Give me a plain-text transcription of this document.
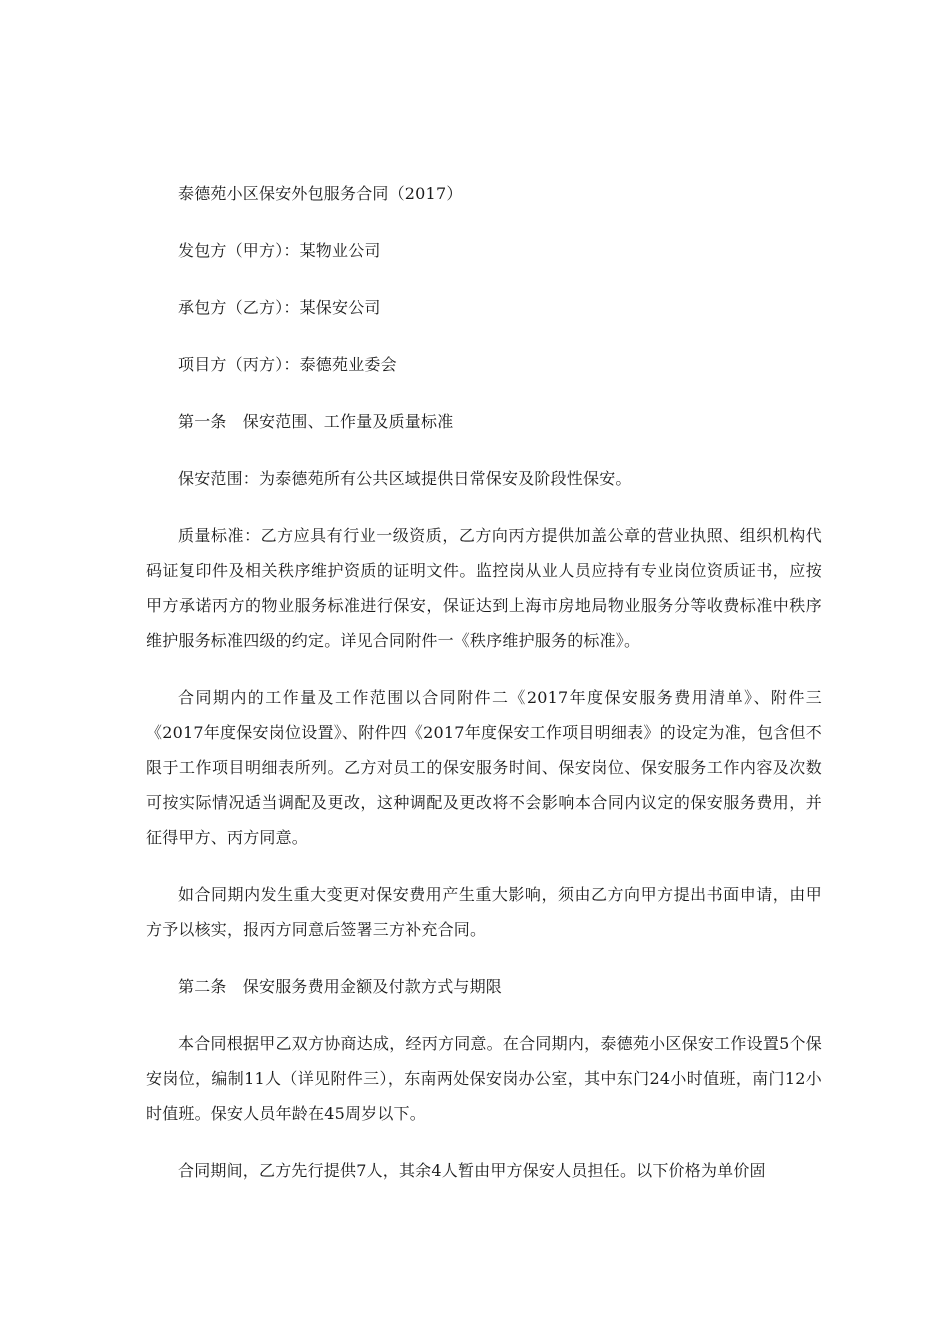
泰德苑小区保安外包服务合同（2017）

发包方（甲方）：某物业公司

承包方（乙方）：某保安公司

项目方（丙方）：泰德苑业委会

第一条　保安范围、工作量及质量标准

保安范围：为泰德苑所有公共区域提供日常保安及阶段性保安。

质量标准：乙方应具有行业一级资质，乙方向丙方提供加盖公章的营业执照、组织机构代码证复印件及相关秩序维护资质的证明文件。监控岗从业人员应持有专业岗位资质证书，应按甲方承诺丙方的物业服务标准进行保安，保证达到上海市房地局物业服务分等收费标准中秩序维护服务标准四级的约定。详见合同附件一《秩序维护服务的标准》。

合同期内的工作量及工作范围以合同附件二《2017年度保安服务费用清单》、附件三《2017年度保安岗位设置》、附件四《2017年度保安工作项目明细表》的设定为准，包含但不限于工作项目明细表所列。乙方对员工的保安服务时间、保安岗位、保安服务工作内容及次数可按实际情况适当调配及更改，这种调配及更改将不会影响本合同内议定的保安服务费用，并征得甲方、丙方同意。

如合同期内发生重大变更对保安费用产生重大影响，须由乙方向甲方提出书面申请，由甲方予以核实，报丙方同意后签署三方补充合同。

第二条　保安服务费用金额及付款方式与期限

本合同根据甲乙双方协商达成，经丙方同意。在合同期内，泰德苑小区保安工作设置5个保安岗位，编制11人（详见附件三），东南两处保安岗办公室，其中东门24小时值班，南门12小时值班。保安人员年龄在45周岁以下。

合同期间，乙方先行提供7人，其余4人暂由甲方保安人员担任。以下价格为单价固
